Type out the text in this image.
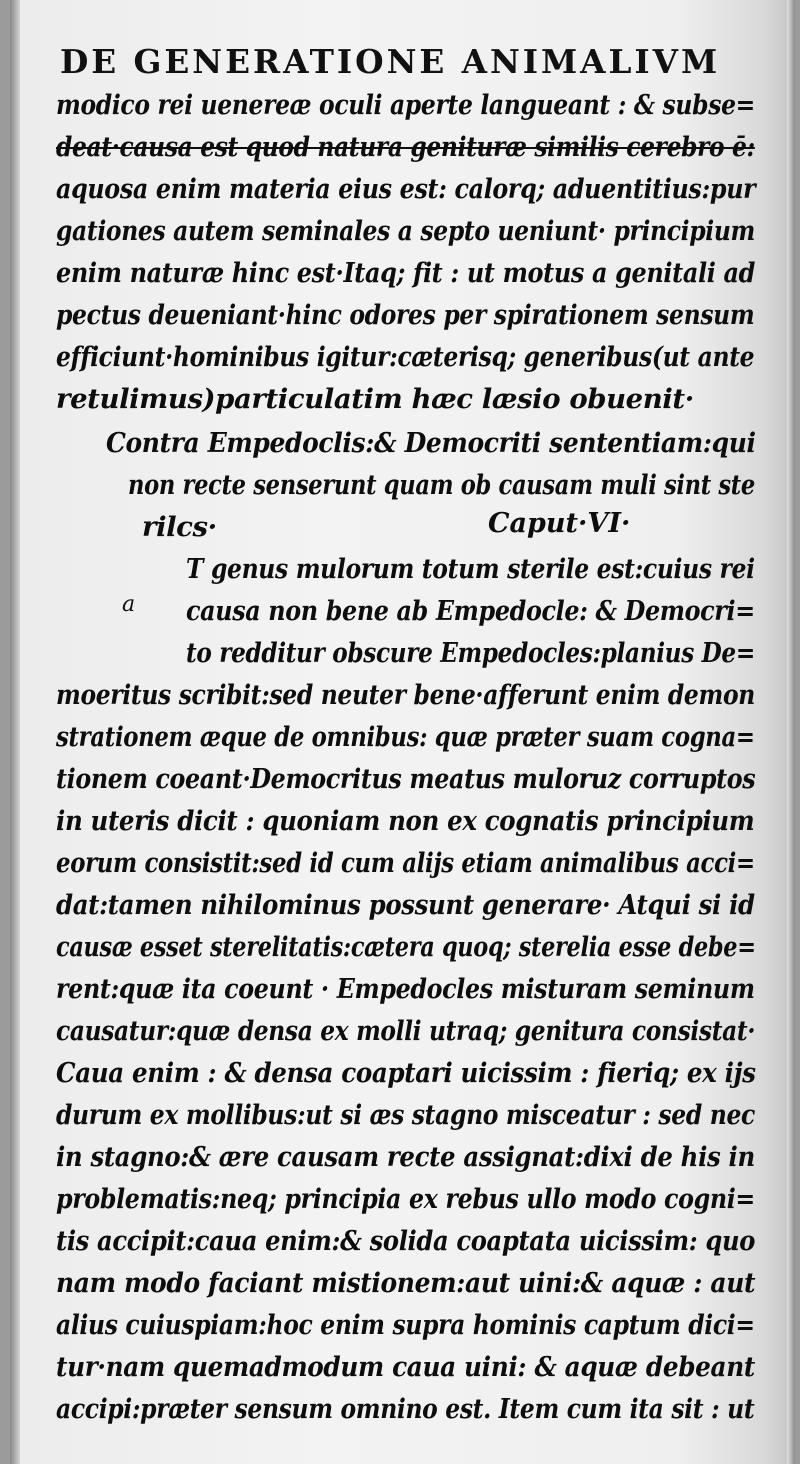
DE GENERATIONE ANIMALIVM
modico rei uenereæ oculi aperte langueant : & subse=
deat·causa est quod natura genituræ similis cerebro ē:
aquosa enim materia eius est: calorq; aduentitius:pur
gationes autem seminales a septo ueniunt· principium
enim naturæ hinc est·Itaq; fit : ut motus a genitali ad
pectus deueniant·hinc odores per spirationem sensum
efficiunt·hominibus igitur:cæterisq; generibus(ut ante
retulimus)particulatim hæc læsio obuenit·
Contra Empedoclis:& Democriti sententiam:qui
non recte senserunt quam ob causam muli sint ste
rilcs·	Caput·VI·
T genus mulorum totum sterile est:cuius rei
a causa non bene ab Empedocle: & Democri=
to redditur obscure Empedocles:planius De=
moeritus scribit:sed neuter bene·afferunt enim demon
strationem æque de omnibus: quæ præter suam cogna=
tionem coeant·Democritus meatus muloruz corruptos
in uteris dicit : quoniam non ex cognatis principium
eorum consistit:sed id cum alijs etiam animalibus acci=
dat:tamen nihilominus possunt generare· Atqui si id
causæ esset sterelitatis:cætera quoq; sterelia esse debe=
rent:quæ ita coeunt · Empedocles misturam seminum
causatur:quæ densa ex molli utraq; genitura consistat·
Caua enim : & densa coaptari uicissim : fieriq; ex ijs
durum ex mollibus:ut si æs stagno misceatur : sed nec
in stagno:& ære causam recte assignat:dixi de his in
problematis:neq; principia ex rebus ullo modo cogni=
tis accipit:caua enim:& solida coaptata uicissim: quo
nam modo faciant mistionem:aut uini:& aquæ : aut
alius cuiuspiam:hoc enim supra hominis captum dici=
tur·nam quemadmodum caua uini: & aquæ debeant
accipi:præter sensum omnino est. Item cum ita sit : ut
